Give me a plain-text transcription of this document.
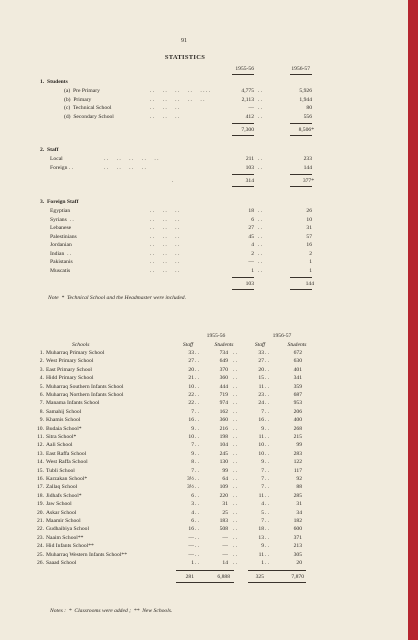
91
STATISTICS
1955-56	1956-57
1.  Students
(a)  Pre Primary	. .      . .      . .      . .      . . . .	4,775 . .	5,926
(b)  Primary	. .      . .      . .      . .      . .	2,113 . .	1,944
(c)  Technical School	. .      . .      . .	— . .	80
(d)  Secondary School	. .      . .      . .	412 . .	556
7,300	8,506*
2.  Staff
Local	. .      . .      . .      . .      . .	211 . .	233
Foreign . .	. .      . .      . .      . .	103 . .	144
.	314	377*
3.  Foreign Staff
Egyptian	. .      . .      . .	18 . .	26
Syrians  . .	. .      . .      . .	6 . .	10
Lebanese	. .      . .      . .	27 . .	31
Palestinians	. .      . .      . .	45 . .	57
Jordanian	. .      . .      . .	4 . .	16
Indian  . .	. .      . .      . .	2 . .	2
Pakistanis	. .      . .      . .	— . .	1
Muscatis	. .      . .      . .	1 . .	1
103	144
Note  *  Technical School and the Headmaster were included.
1955-56	1956-57
Schools	Staff	Students	Staff	Students
1. Muharraq Primary School	33 . .	734 . .	33 . .	672
2. West Primary School	27 . .	649 . .	27 . .	630
3. East Primary School	20 . .	370 . .	20 . .	401
4. Hidd Primary School	21 . .	360 . .	15 . .	341
5. Muharraq Southern Infants School	10 . .	444 . .	11 . .	359
6. Muharraq Northern Infants School	22 . .	719 . .	23 . .	687
7. Manama Infants School	22 . .	974 . .	24 . .	953
8. Samahij School	7 . .	162 . .	7 . .	206
9. Khamis School	16 . .	360 . .	16 . .	400
10. Budaia School*	9 . .	216 . .	9 . .	268
11. Sitra School*	10 . .	198 . .	11 . .	215
12. Aali School	7 . .	104 . .	10 . .	99
13. East Raffa School	9 . .	245 . .	10 . .	283
14. West Raffa School	8 . .	130 . .	9 . .	122
15. Tubli School	7 . .	99 . .	7 . .	117
16. Karzakan School*	3½ . .	64 . .	7 . .	92
17. Zallaq School	3½ . .	109 . .	7 . .	88
18. Jidhafs School*	6 . .	220 . .	11 . .	285
19. Jaw School	3 . .	31 . .	4 . .	31
20. Askar School	4 . .	25 . .	5 . .	34
21. Maamir School	6 . .	183 . .	7 . .	182
22. Gudhaibiya School	16 . .	508 . .	18 . .	600
23. Naaim School**	— . .	— . .	13 . .	371
24. Hid Infants School**	— . .	— . .	9 . .	213
25. Muharraq Western Infants School**	— . .	— . .	11 . .	305
26. Saaad School	1 . .	14 . .	1 . .	20
281	6,888	325	7,870
Notes :  *  Classrooms were added ;  **  New Schools.
